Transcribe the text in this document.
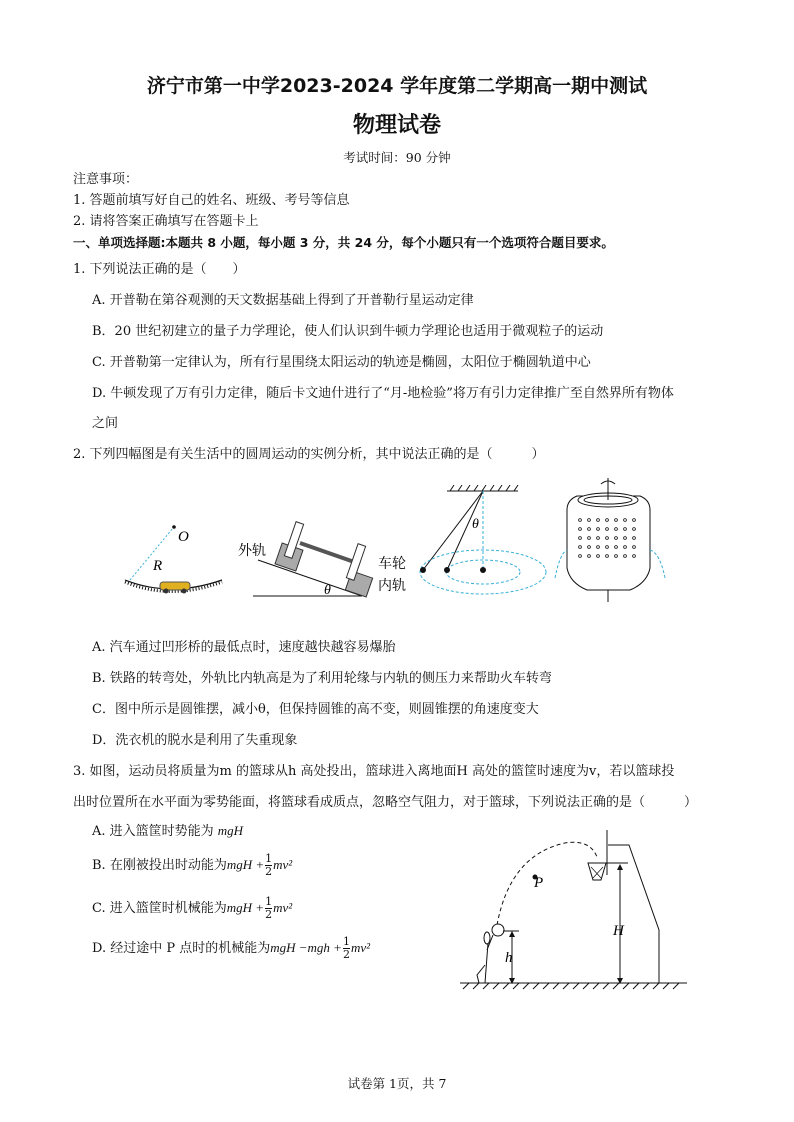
济宁市第一中学2023-2024 学年度第二学期高一期中测试
物理试卷
考试时间：90 分钟
注意事项：
1. 答题前填写好自己的姓名、班级、考号等信息
2. 请将答案正确填写在答题卡上
一、单项选择题:本题共 8 小题，每小题 3 分，共 24 分，每个小题只有一个选项符合题目要求。
1. 下列说法正确的是（　　）
A. 开普勒在第谷观测的天文数据基础上得到了开普勒行星运动定律
B．20 世纪初建立的量子力学理论，使人们认识到牛顿力学理论也适用于微观粒子的运动
C. 开普勒第一定律认为，所有行星围绕太阳运动的轨迹是椭圆，太阳位于椭圆轨道中心
D. 牛顿发现了万有引力定律，随后卡文迪什进行了“月-地检验”将万有引力定律推广至自然界所有物体
之间
2. 下列四幅图是有关生活中的圆周运动的实例分析，其中说法正确的是（　　　）
O
R
外轨
车轮
内轨
θ
θ
A. 汽车通过凹形桥的最低点时，速度越快越容易爆胎
B. 铁路的转弯处，外轨比内轨高是为了利用轮缘与内轨的侧压力来帮助火车转弯
C．图中所示是圆锥摆，减小θ，但保持圆锥的高不变，则圆锥摆的角速度变大
D．洗衣机的脱水是利用了失重现象
3. 如图，运动员将质量为m 的篮球从h 高处投出，篮球进入离地面H 高处的篮筐时速度为v，若以篮球投
出时位置所在水平面为零势能面，将篮球看成质点，忽略空气阻力，对于篮球，下列说法正确的是（　　　）
A. 进入篮筐时势能为 mgH
B. 在刚被投出时动能为mgH + $\frac{1}{2} mv^2$
C. 进入篮筐时机械能为mgH + $\frac{1}{2} mv^2$
D. 经过途中 P 点时的机械能为mgH $-mgh + \frac{1}{2} mv^2$
P
h
H
试卷第 1页，共 7
